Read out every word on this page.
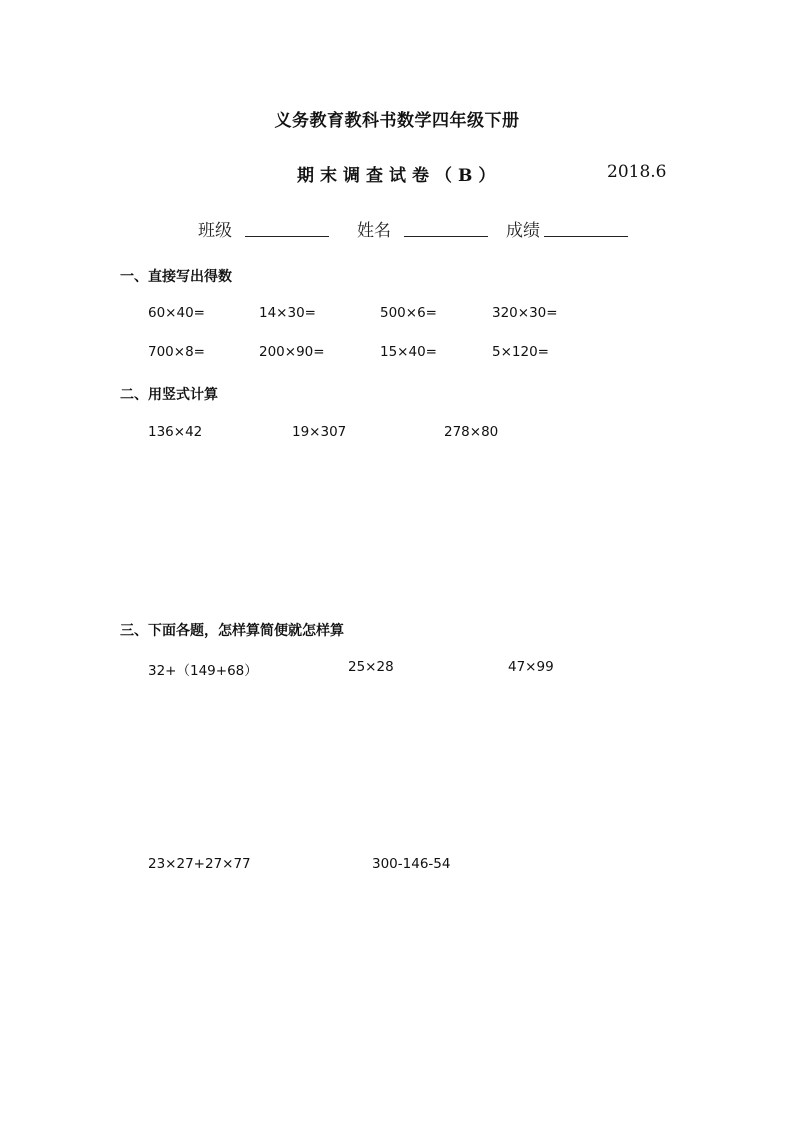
义务教育教科书数学四年级下册
期末调查试卷（B）	2018.6
班级	姓名	成绩
一、直接写出得数
60×40=	14×30=	500×6=	320×30=
700×8=	200×90=	15×40=	5×120=
二、用竖式计算
136×42	19×307	278×80
三、下面各题，怎样算简便就怎样算
32+（149+68）	25×28	47×99
23×27+27×77	300-146-54
